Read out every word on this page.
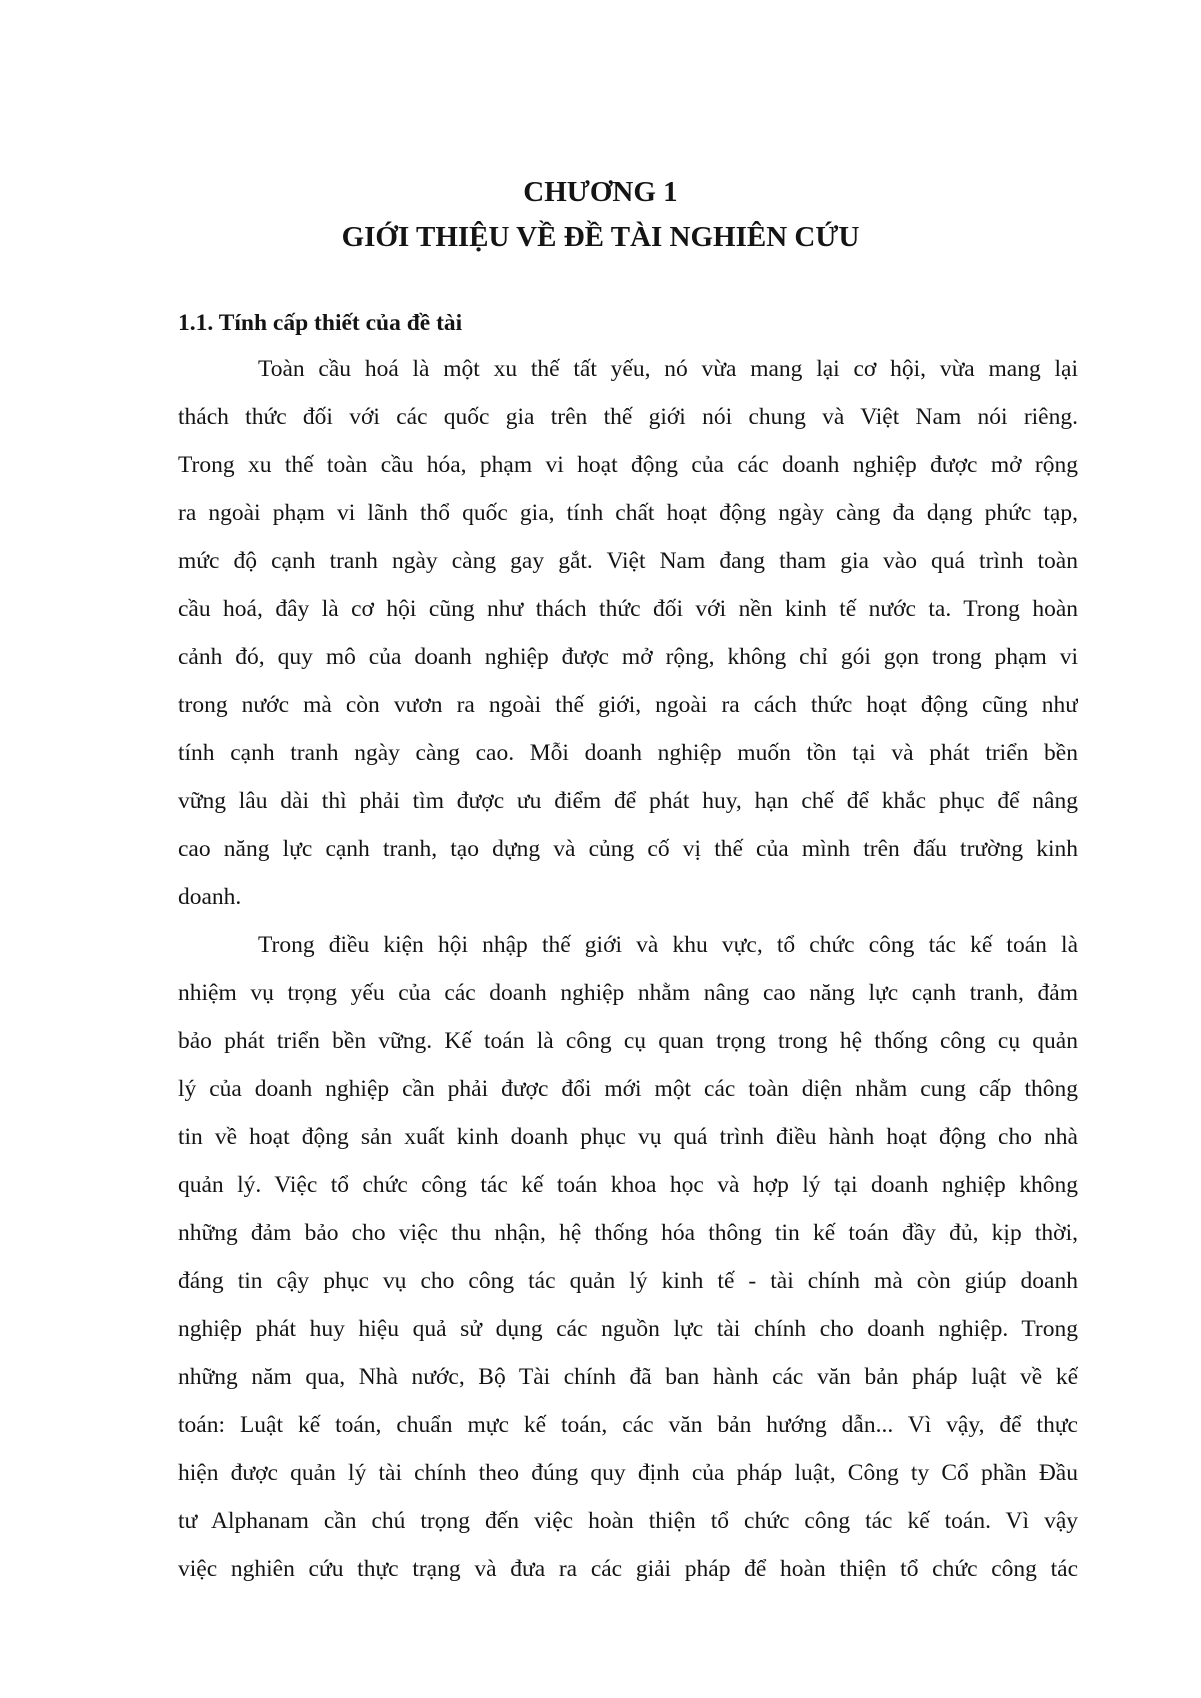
CHƯƠNG 1
GIỚI THIỆU VỀ ĐỀ TÀI NGHIÊN CỨU
1.1. Tính cấp thiết của đề tài
Toàn cầu hoá là một xu thế tất yếu, nó vừa mang lại cơ hội, vừa mang lại
thách thức đối với các quốc gia trên thế giới nói chung và Việt Nam nói riêng.
Trong xu thế toàn cầu hóa, phạm vi hoạt động của các doanh nghiệp được mở rộng
ra ngoài phạm vi lãnh thổ quốc gia, tính chất hoạt động ngày càng đa dạng phức tạp,
mức độ cạnh tranh ngày càng gay gắt. Việt Nam đang tham gia vào quá trình toàn
cầu hoá, đây là cơ hội cũng như thách thức đối với nền kinh tế nước ta. Trong hoàn
cảnh đó, quy mô của doanh nghiệp được mở rộng, không chỉ gói gọn trong phạm vi
trong nước mà còn vươn ra ngoài thế giới, ngoài ra cách thức hoạt động cũng như
tính cạnh tranh ngày càng cao. Mỗi doanh nghiệp muốn tồn tại và phát triển bền
vững lâu dài thì phải tìm được ưu điểm để phát huy, hạn chế để khắc phục để nâng
cao năng lực cạnh tranh, tạo dựng và củng cố vị thế của mình trên đấu trường kinh
doanh.
Trong điều kiện hội nhập thế giới và khu vực, tổ chức công tác kế toán là
nhiệm vụ trọng yếu của các doanh nghiệp nhằm nâng cao năng lực cạnh tranh, đảm
bảo phát triển bền vững. Kế toán là công cụ quan trọng trong hệ thống công cụ quản
lý của doanh nghiệp cần phải được đổi mới một các toàn diện nhằm cung cấp thông
tin về hoạt động sản xuất kinh doanh phục vụ quá trình điều hành hoạt động cho nhà
quản lý. Việc tổ chức công tác kế toán khoa học và hợp lý tại doanh nghiệp không
những đảm bảo cho việc thu nhận, hệ thống hóa thông tin kế toán đầy đủ, kịp thời,
đáng tin cậy phục vụ cho công tác quản lý kinh tế - tài chính mà còn giúp doanh
nghiệp phát huy hiệu quả sử dụng các nguồn lực tài chính cho doanh nghiệp. Trong
những năm qua, Nhà nước, Bộ Tài chính đã ban hành các văn bản pháp luật về kế
toán: Luật kế toán, chuẩn mực kế toán, các văn bản hướng dẫn... Vì vậy, để thực
hiện được quản lý tài chính theo đúng quy định của pháp luật, Công ty Cổ phần Đầu
tư Alphanam cần chú trọng đến việc hoàn thiện tổ chức công tác kế toán. Vì vậy
việc nghiên cứu thực trạng và đưa ra các giải pháp để hoàn thiện tổ chức công tác
